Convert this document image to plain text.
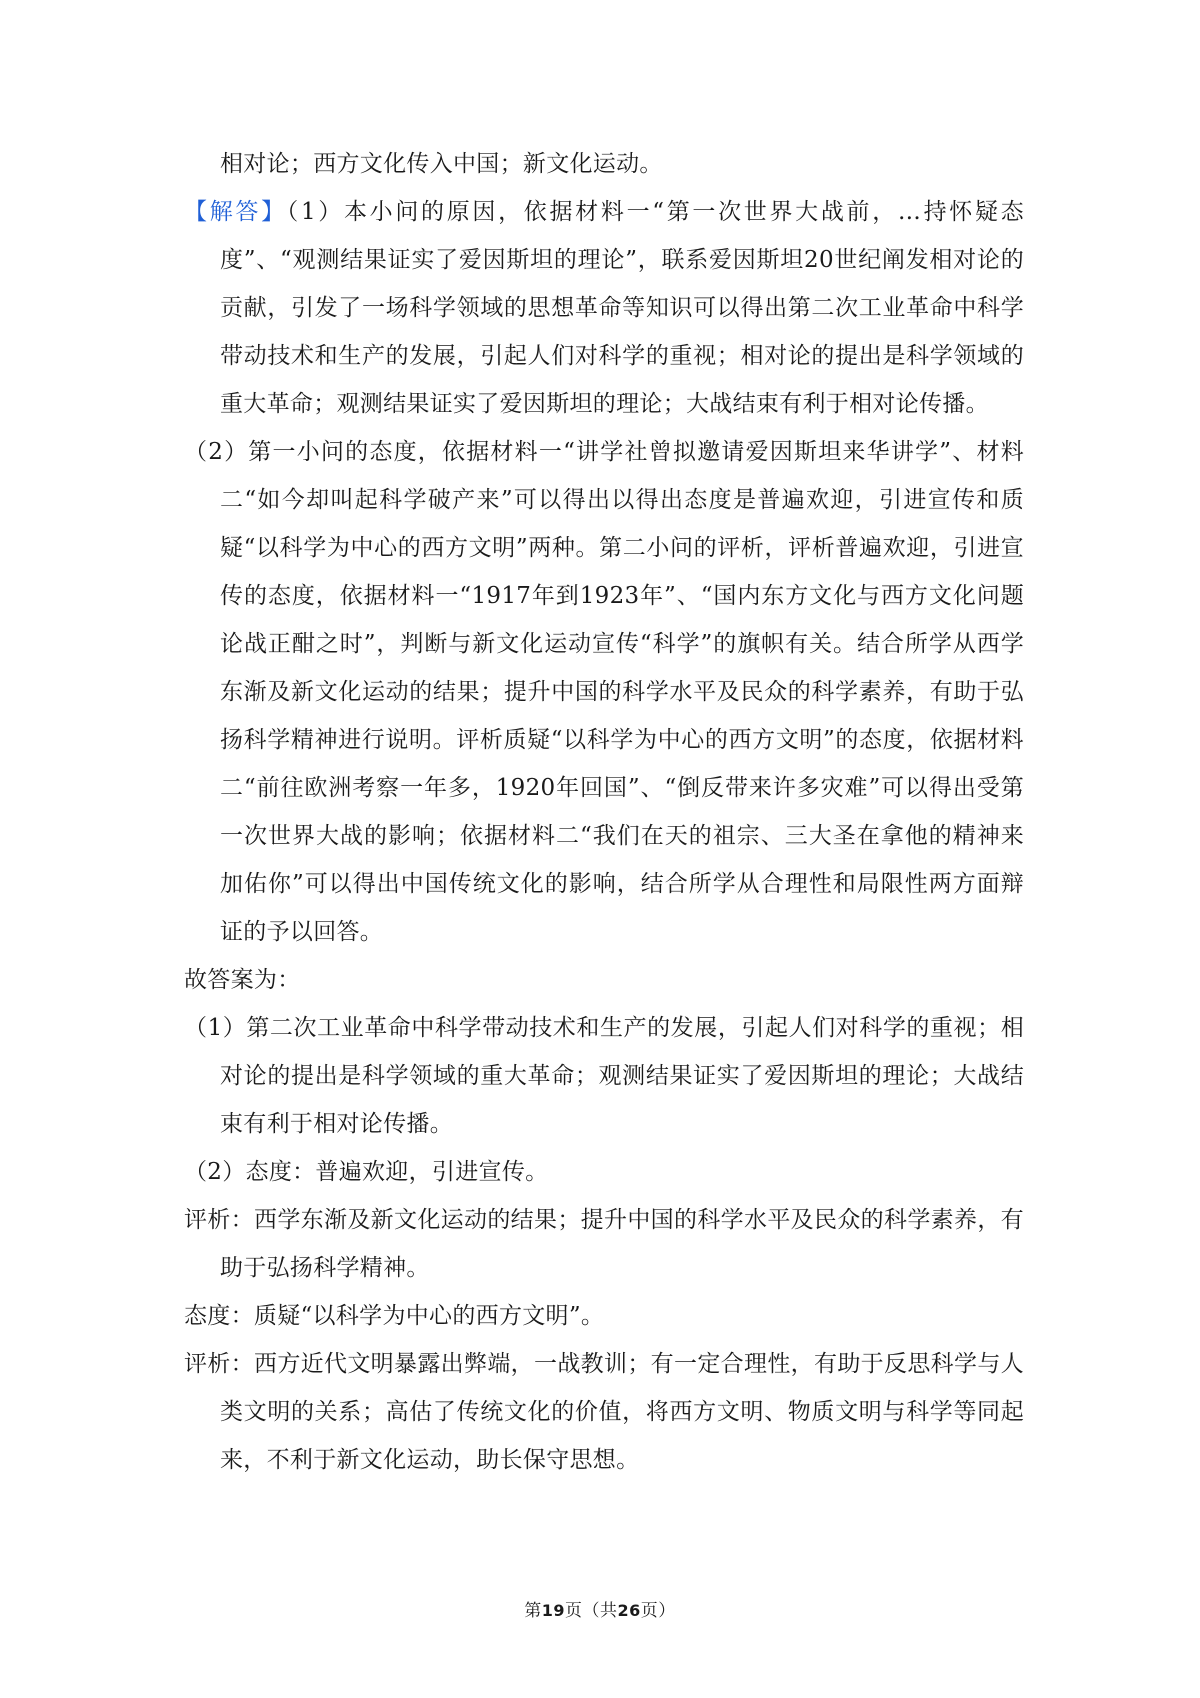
相对论；西方文化传入中国；新文化运动。

【解答】（1）本小问的原因，依据材料一“第一次世界大战前，…持怀疑态度”、“观测结果证实了爱因斯坦的理论”，联系爱因斯坦20世纪阐发相对论的贡献，引发了一场科学领域的思想革命等知识可以得出第二次工业革命中科学带动技术和生产的发展，引起人们对科学的重视；相对论的提出是科学领域的重大革命；观测结果证实了爱因斯坦的理论；大战结束有利于相对论传播。

（2）第一小问的态度，依据材料一“讲学社曾拟邀请爱因斯坦来华讲学”、材料二“如今却叫起科学破产来”可以得出以得出态度是普遍欢迎，引进宣传和质疑“以科学为中心的西方文明”两种。第二小问的评析，评析普遍欢迎，引进宣传的态度，依据材料一“1917年到1923年”、“国内东方文化与西方文化问题论战正酣之时”，判断与新文化运动宣传“科学”的旗帜有关。结合所学从西学东渐及新文化运动的结果；提升中国的科学水平及民众的科学素养，有助于弘扬科学精神进行说明。评析质疑“以科学为中心的西方文明”的态度，依据材料二“前往欧洲考察一年多，1920年回国”、“倒反带来许多灾难”可以得出受第一次世界大战的影响；依据材料二“我们在天的祖宗、三大圣在拿他的精神来加佑你”可以得出中国传统文化的影响，结合所学从合理性和局限性两方面辩证的予以回答。

故答案为：

（1）第二次工业革命中科学带动技术和生产的发展，引起人们对科学的重视；相对论的提出是科学领域的重大革命；观测结果证实了爱因斯坦的理论；大战结束有利于相对论传播。

（2）态度：普遍欢迎，引进宣传。

评析：西学东渐及新文化运动的结果；提升中国的科学水平及民众的科学素养，有助于弘扬科学精神。

态度：质疑“以科学为中心的西方文明”。

评析：西方近代文明暴露出弊端，一战教训；有一定合理性，有助于反思科学与人类文明的关系；高估了传统文化的价值，将西方文明、物质文明与科学等同起来，不利于新文化运动，助长保守思想。

第19页（共26页）
